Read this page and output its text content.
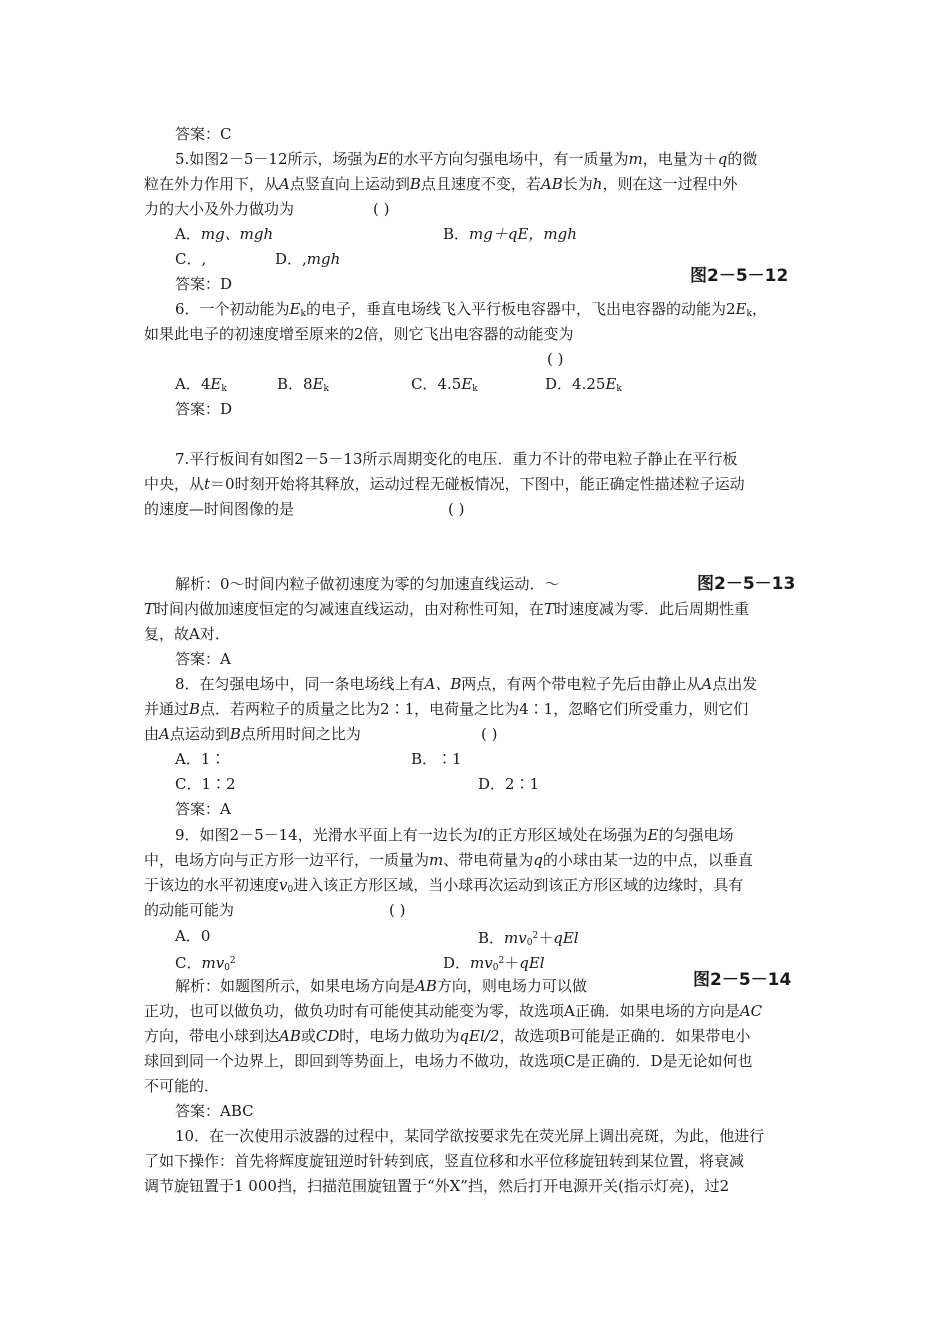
答案：C
5.如图2－5－12所示，场强为E的水平方向匀强电场中，有一质量为m，电量为＋q的微
粒在外力作用下，从A点竖直向上运动到B点且速度不变，若AB长为h，则在这一过程中外
力的大小及外力做功为	( )
A．mg、mgh	B．mg＋qE，mgh
C．,	D．,mgh
答案：D	图2－5－12
6．一个初动能为$E_k$的电子，垂直电场线飞入平行板电容器中，飞出电容器的动能为$2E_k$，
如果此电子的初速度增至原来的2倍，则它飞出电容器的动能变为
( )
A．$4E_k$	B．$8E_k$	C．$4.5E_k$	D．$4.25E_k$
答案：D
7.平行板间有如图2－5－13所示周期变化的电压．重力不计的带电粒子静止在平行板
中央，从t＝0时刻开始将其释放，运动过程无碰板情况，下图中，能正确定性描述粒子运动
的速度—时间图像的是	( )
图2－5－13
解析：0～时间内粒子做初速度为零的匀加速直线运动．～
T时间内做加速度恒定的匀减速直线运动，由对称性可知，在T时速度减为零．此后周期性重
复，故A对．
答案：A
8．在匀强电场中，同一条电场线上有A、B两点，有两个带电粒子先后由静止从A点出发
并通过B点．若两粒子的质量之比为2∶1，电荷量之比为4∶1，忽略它们所受重力，则它们
由A点运动到B点所用时间之比为	( )
A．1∶	B．∶1
C．1∶2	D．2∶1
答案：A
9．如图2－5－14，光滑水平面上有一边长为l的正方形区域处在场强为E的匀强电场
中，电场方向与正方形一边平行，一质量为m、带电荷量为q的小球由某一边的中点，以垂直
于该边的水平初速度$v_0$进入该正方形区域，当小球再次运动到该正方形区域的边缘时，具有
的动能可能为	( )
A．0	B．$mv_0^2+qEl$
C．$mv_0^2$	D．$mv_0^2+qEl$
图2－5－14
解析：如题图所示，如果电场方向是AB方向，则电场力可以做
正功，也可以做负功，做负功时有可能使其动能变为零，故选项A正确．如果电场的方向是AC
方向，带电小球到达AB或CD时，电场力做功为qEl/2，故选项B可能是正确的．如果带电小
球回到同一个边界上，即回到等势面上，电场力不做功，故选项C是正确的．D是无论如何也
不可能的．
答案：ABC
10．在一次使用示波器的过程中，某同学欲按要求先在荧光屏上调出亮斑，为此，他进行
了如下操作：首先将辉度旋钮逆时针转到底，竖直位移和水平位移旋钮转到某位置，将衰减
调节旋钮置于1 000挡，扫描范围旋钮置于“外X”挡，然后打开电源开关(指示灯亮)，过2
